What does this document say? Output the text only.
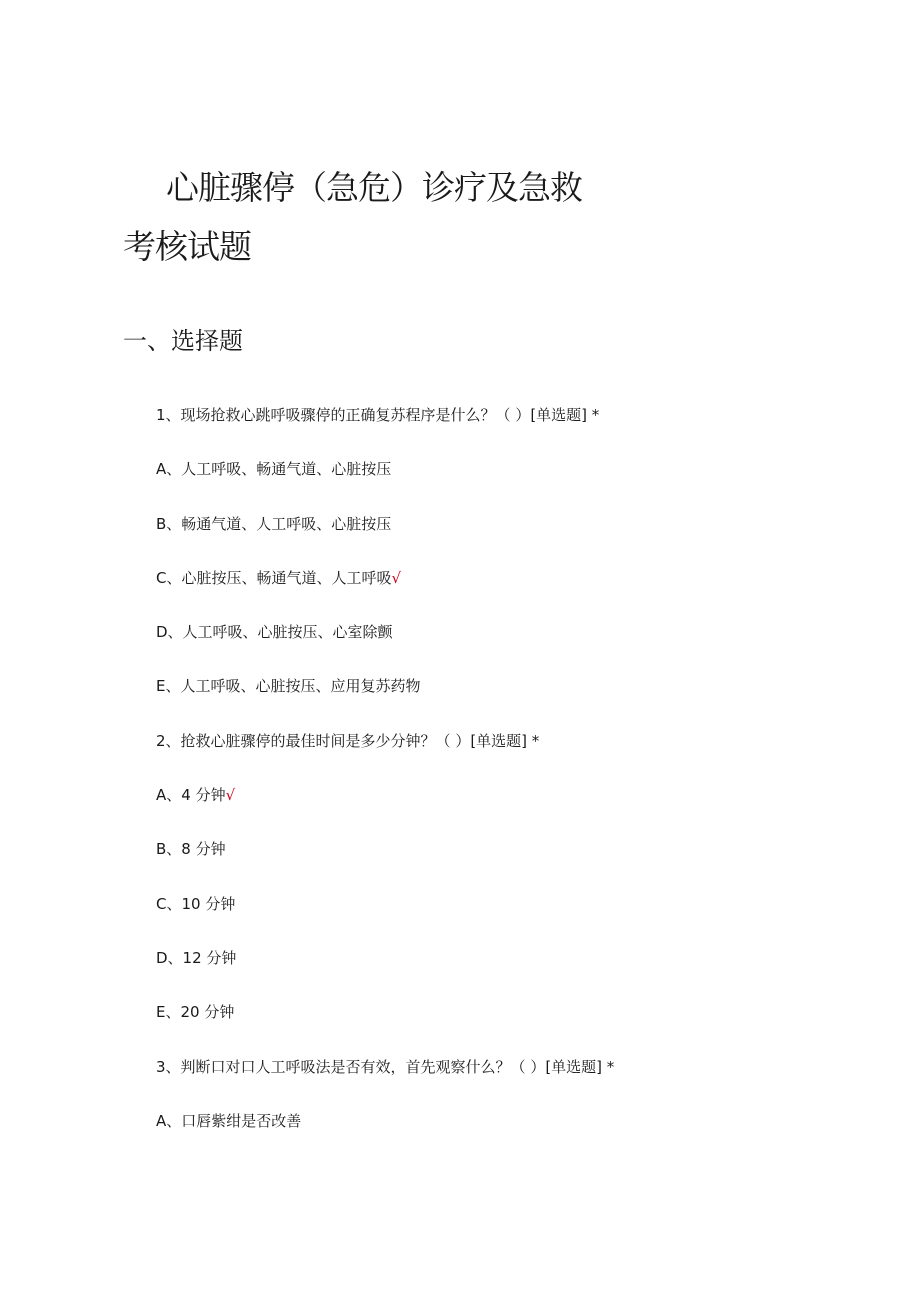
心脏骤停（急危）诊疗及急救
考核试题
一、选择题
1、现场抢救心跳呼吸骤停的正确复苏程序是什么？（ ）[单选题] *
A、人工呼吸、畅通气道、心脏按压
B、畅通气道、人工呼吸、心脏按压
C、心脏按压、畅通气道、人工呼吸√
D、人工呼吸、心脏按压、心室除颤
E、人工呼吸、心脏按压、应用复苏药物
2、抢救心脏骤停的最佳时间是多少分钟？（ ）[单选题] *
A、4 分钟√
B、8 分钟
C、10 分钟
D、12 分钟
E、20 分钟
3、判断口对口人工呼吸法是否有效，首先观察什么？（ ）[单选题] *
A、口唇紫绀是否改善
